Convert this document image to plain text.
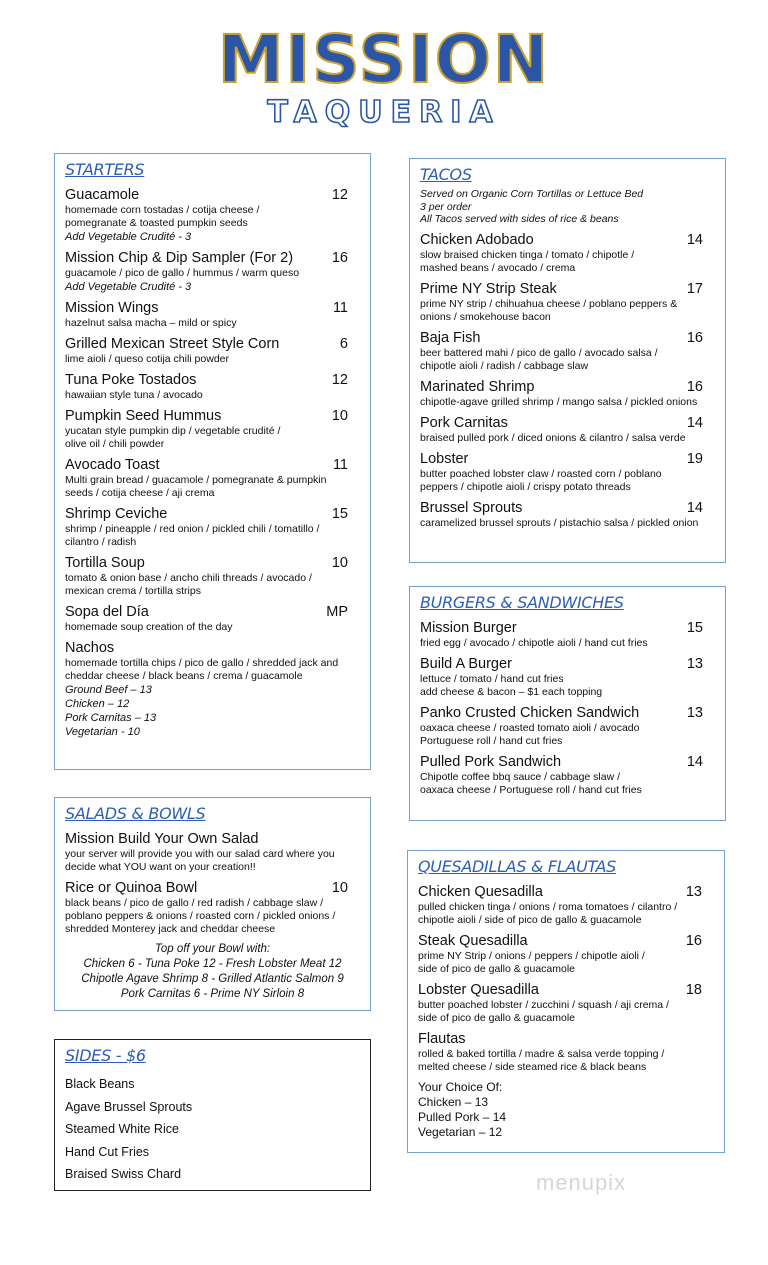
MISSION
TAQUERIA
STARTERS
Guacamole	12
homemade corn tostadas / cotija cheese /
pomegranate & toasted pumpkin seeds
Add Vegetable Crudité - 3
Mission Chip & Dip Sampler (For 2)	16
guacamole / pico de gallo / hummus / warm queso
Add Vegetable Crudité - 3
Mission Wings	11
hazelnut salsa macha – mild or spicy
Grilled Mexican Street Style Corn	6
lime aioli / queso cotija chili powder
Tuna Poke Tostados	12
hawaiian style tuna / avocado
Pumpkin Seed Hummus	10
yucatan style pumpkin dip / vegetable crudité /
olive oil / chili powder
Avocado Toast	11
Multi grain bread / guacamole / pomegranate & pumpkin
seeds / cotija cheese / aji crema
Shrimp Ceviche	15
shrimp / pineapple / red onion / pickled chili / tomatillo /
cilantro / radish
Tortilla Soup	10
tomato & onion base / ancho chili threads / avocado /
mexican crema / tortilla strips
Sopa del Día	MP
homemade soup creation of the day
Nachos
homemade tortilla chips / pico de gallo / shredded jack and
cheddar cheese / black beans / crema / guacamole
Ground Beef – 13
Chicken – 12
Pork Carnitas – 13
Vegetarian - 10
SALADS & BOWLS
Mission Build Your Own Salad
your server will provide you with our salad card where you
decide what YOU want on your creation!!
Rice or Quinoa Bowl	10
black beans / pico de gallo / red radish / cabbage slaw /
poblano peppers & onions / roasted corn / pickled onions /
shredded Monterey jack and cheddar cheese
Top off your Bowl with:
Chicken 6 - Tuna Poke 12 - Fresh Lobster Meat 12
Chipotle Agave Shrimp 8 - Grilled Atlantic Salmon 9
Pork Carnitas 6 - Prime NY Sirloin 8
SIDES - $6
Black Beans
Agave Brussel Sprouts
Steamed White Rice
Hand Cut Fries
Braised Swiss Chard
TACOS
Served on Organic Corn Tortillas or Lettuce Bed
3 per order
All Tacos served with sides of rice & beans
Chicken Adobado	14
slow braised chicken tinga / tomato / chipotle /
mashed beans / avocado / crema
Prime NY Strip Steak	17
prime NY strip / chihuahua cheese / poblano peppers &
onions / smokehouse bacon
Baja Fish	16
beer battered mahi / pico de gallo / avocado salsa /
chipotle aioli / radish / cabbage slaw
Marinated Shrimp	16
chipotle-agave grilled shrimp / mango salsa / pickled onions
Pork Carnitas	14
braised pulled pork / diced onions & cilantro / salsa verde
Lobster	19
butter poached lobster claw / roasted corn / poblano
peppers / chipotle aioli / crispy potato threads
Brussel Sprouts	14
caramelized brussel sprouts / pistachio salsa / pickled onion
BURGERS & SANDWICHES
Mission Burger	15
fried egg / avocado / chipotle aioli / hand cut fries
Build A Burger	13
lettuce / tomato / hand cut fries
add cheese & bacon – $1 each topping
Panko Crusted Chicken Sandwich	13
oaxaca cheese / roasted tomato aioli / avocado
Portuguese roll / hand cut fries
Pulled Pork Sandwich	14
Chipotle coffee bbq sauce / cabbage slaw /
oaxaca cheese / Portuguese roll / hand cut fries
QUESADILLAS & FLAUTAS
Chicken Quesadilla	13
pulled chicken tinga / onions / roma tomatoes / cilantro /
chipotle aioli / side of pico de gallo & guacamole
Steak Quesadilla	16
prime NY Strip / onions / peppers / chipotle aioli /
side of pico de gallo & guacamole
Lobster Quesadilla	18
butter poached lobster / zucchini / squash / aji crema /
side of pico de gallo & guacamole
Flautas
rolled & baked tortilla / madre & salsa verde topping /
melted cheese / side steamed rice & black beans
Your Choice Of:
Chicken – 13
Pulled Pork – 14
Vegetarian – 12
menupix
